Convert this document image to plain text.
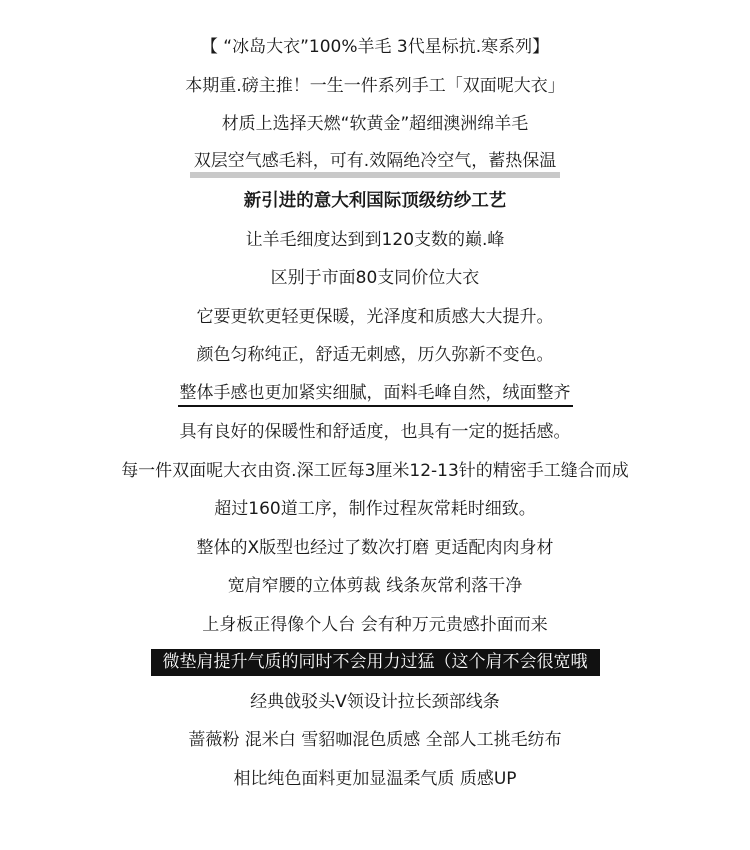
【 “冰岛大衣”100%羊毛 3代星标抗.寒系列】
本期重.磅主推！一生一件系列手工「双面呢大衣」
材质上选择天燃“软黄金”超细澳洲绵羊毛
双层空气感毛料，可有.效隔绝冷空气，蓄热保温
新引进的意大利国际顶级纺纱工艺
让羊毛细度达到到120支数的巅.峰
区别于市面80支同价位大衣
它要更软更轻更保暖，光泽度和质感大大提升。
颜色匀称纯正，舒适无刺感，历久弥新不变色。
整体手感也更加紧实细腻，面料毛峰自然，绒面整齐
具有良好的保暖性和舒适度，也具有一定的挺括感。
每一件双面呢大衣由资.深工匠每3厘米12-13针的精密手工缝合而成
超过160道工序，制作过程灰常耗时细致。
整体的X版型也经过了数次打磨 更适配肉肉身材
宽肩窄腰的立体剪裁 线条灰常利落干净
上身板正得像个人台 会有种万元贵感扑面而来
微垫肩提升气质的同时不会用力过猛（这个肩不会很宽哦
经典戗驳头V领设计拉长颈部线条
蔷薇粉 混米白 雪貂咖混色质感 全部人工挑毛纺布
相比纯色面料更加显温柔气质 质感UP
